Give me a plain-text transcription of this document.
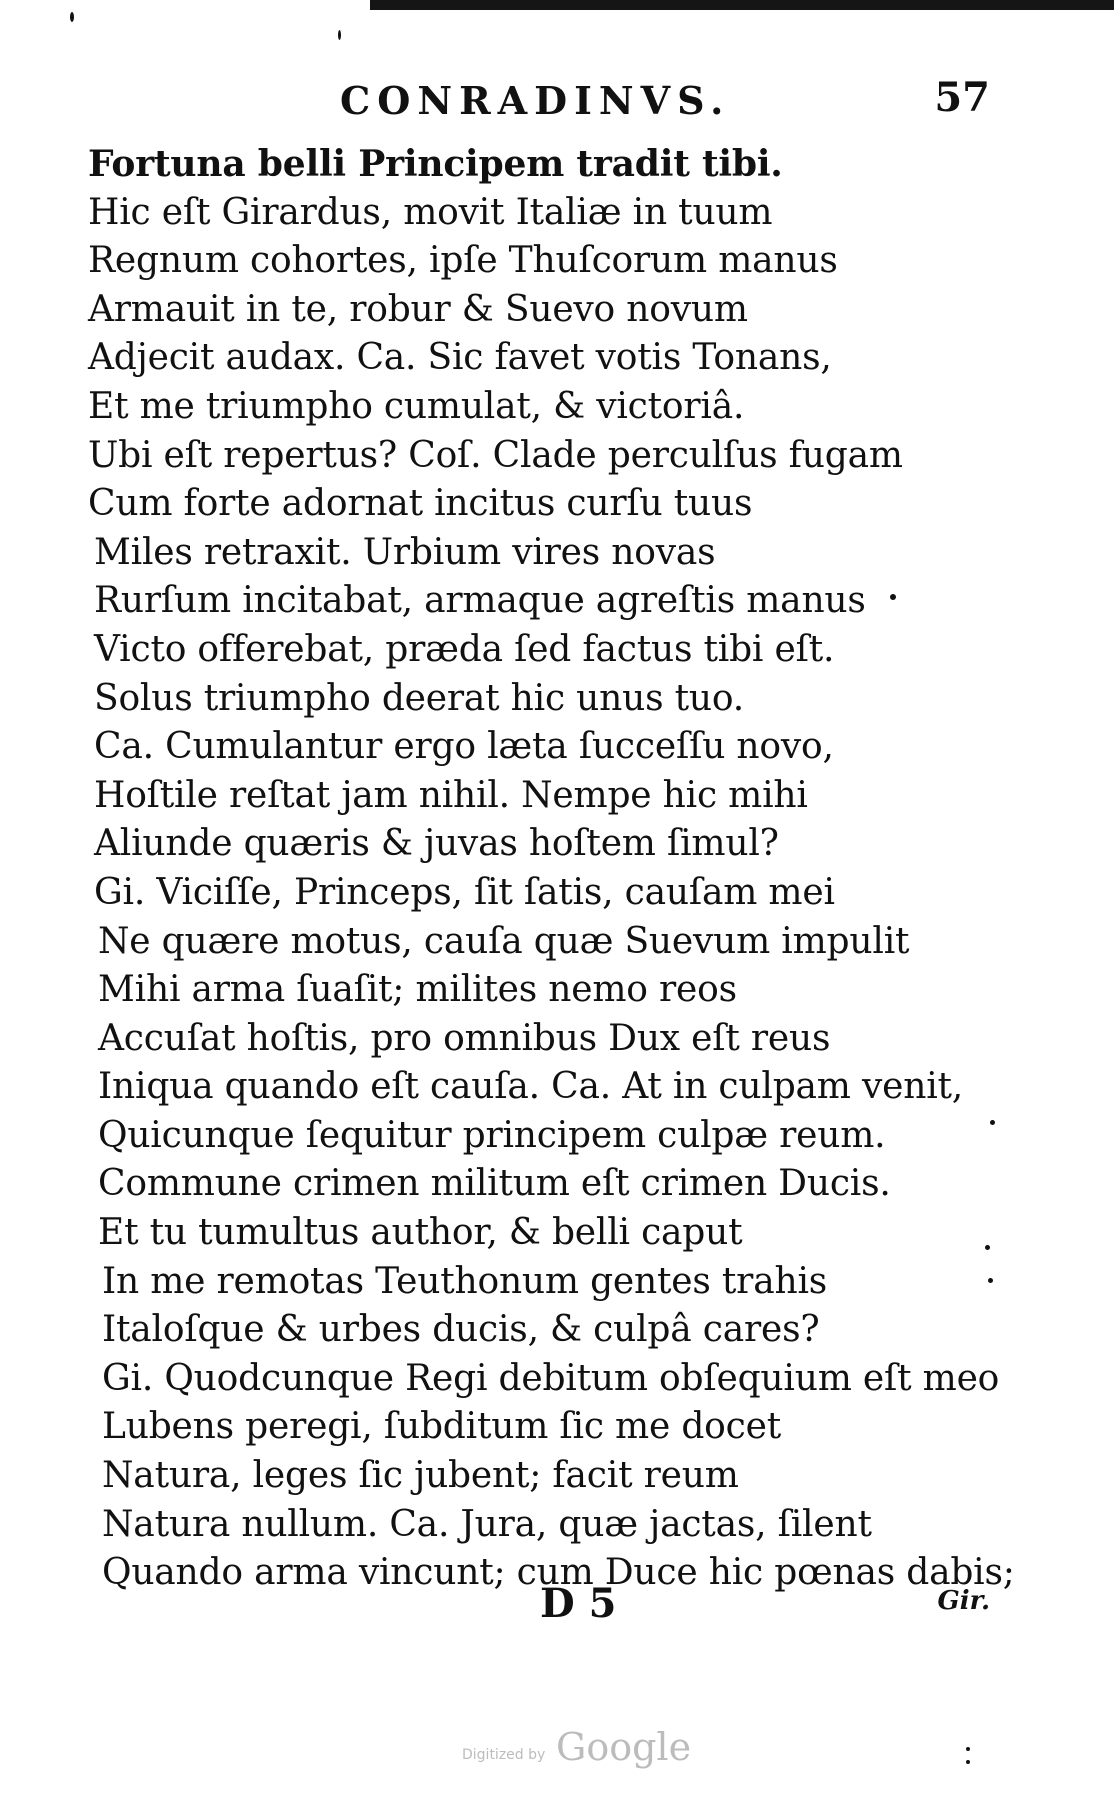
CONRADINVS.	57
Fortuna belli Principem tradit tibi.
Hic eſt Girardus, movit Italiæ in tuum
Regnum cohortes, ipſe Thuſcorum manus
Armauit in te, robur & Suevo novum
Adjecit audax. Ca. Sic favet votis Tonans,
Et me triumpho cumulat, & victoriâ.
Ubi eſt repertus? Coſ. Clade perculſus fugam
Cum forte adornat incitus curſu tuus
Miles retraxit. Urbium vires novas
Rurſum incitabat, armaque agreſtis manus
Victo offerebat, præda ſed factus tibi eſt.
Solus triumpho deerat hic unus tuo.
Ca. Cumulantur ergo læta ſucceſſu novo,
Hoſtile reſtat jam nihil. Nempe hic mihi
Aliunde quæris & juvas hoſtem ſimul?
Gi. Viciſſe, Princeps, ſit ſatis, cauſam mei
Ne quære motus, cauſa quæ Suevum impulit
Mihi arma ſuaſit; milites nemo reos
Accuſat hoſtis, pro omnibus Dux eſt reus
Iniqua quando eſt cauſa. Ca. At in culpam venit,
Quicunque ſequitur principem culpæ reum.
Commune crimen militum eſt crimen Ducis.
Et tu tumultus author, & belli caput
In me remotas Teuthonum gentes trahis
Italoſque & urbes ducis, & culpâ cares?
Gi. Quodcunque Regi debitum obſequium eſt meo
Lubens peregi, ſubditum ſic me docet
Natura, leges ſic jubent; facit reum
Natura nullum. Ca. Jura, quæ jactas, ſilent
Quando arma vincunt; cum Duce hic pœnas dabis;
D 5	Gir.
Digitized by Google
